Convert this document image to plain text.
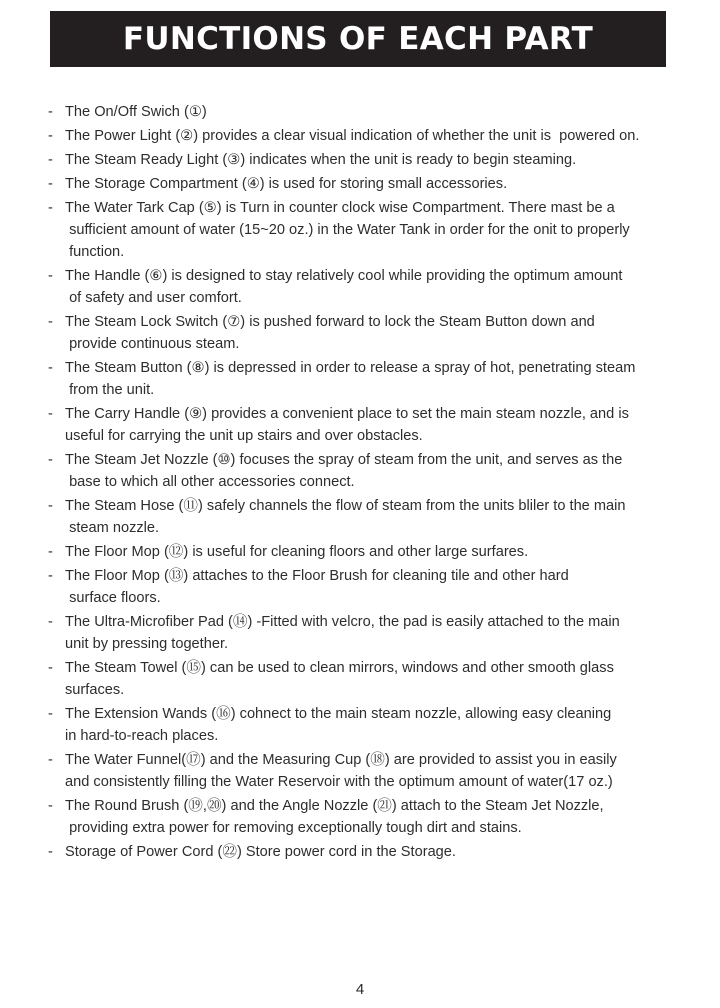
FUNCTIONS OF EACH PART
- The On/Off Swich (①)
- The Power Light (②) provides a clear visual indication of whether the unit is  powered on.
- The Steam Ready Light (③) indicates when the unit is ready to begin steaming.
- The Storage Compartment (④) is used for storing small accessories.
- The Water Tark Cap (⑤) is Turn in counter clock wise Compartment. There mast be a
sufficient amount of water (15~20 oz.) in the Water Tank in order for the onit to properly
function.
- The Handle (⑥) is designed to stay relatively cool while providing the optimum amount
of safety and user comfort.
- The Steam Lock Switch (⑦) is pushed forward to lock the Steam Button down and
provide continuous steam.
- The Steam Button (⑧) is depressed in order to release a spray of hot, penetrating steam
from the unit.
- The Carry Handle (⑨) provides a convenient place to set the main steam nozzle, and is
useful for carrying the unit up stairs and over obstacles.
- The Steam Jet Nozzle (⑩) focuses the spray of steam from the unit, and serves as the
base to which all other accessories connect.
- The Steam Hose (⑪) safely channels the flow of steam from the units bliler to the main
steam nozzle.
- The Floor Mop (⑫) is useful for cleaning floors and other large surfares.
- The Floor Mop (⑬) attaches to the Floor Brush for cleaning tile and other hard
surface floors.
- The Ultra-Microfiber Pad (⑭) -Fitted with velcro, the pad is easily attached to the main
unit by pressing together.
- The Steam Towel (⑮) can be used to clean mirrors, windows and other smooth glass
surfaces.
- The Extension Wands (⑯) cohnect to the main steam nozzle, allowing easy cleaning
in hard-to-reach places.
- The Water Funnel(⑰) and the Measuring Cup (⑱) are provided to assist you in easily
and consistently filling the Water Reservoir with the optimum amount of water(17 oz.)
- The Round Brush (⑲,⑳) and the Angle Nozzle (㉑) attach to the Steam Jet Nozzle,
providing extra power for removing exceptionally tough dirt and stains.
- Storage of Power Cord (㉒) Store power cord in the Storage.
4
